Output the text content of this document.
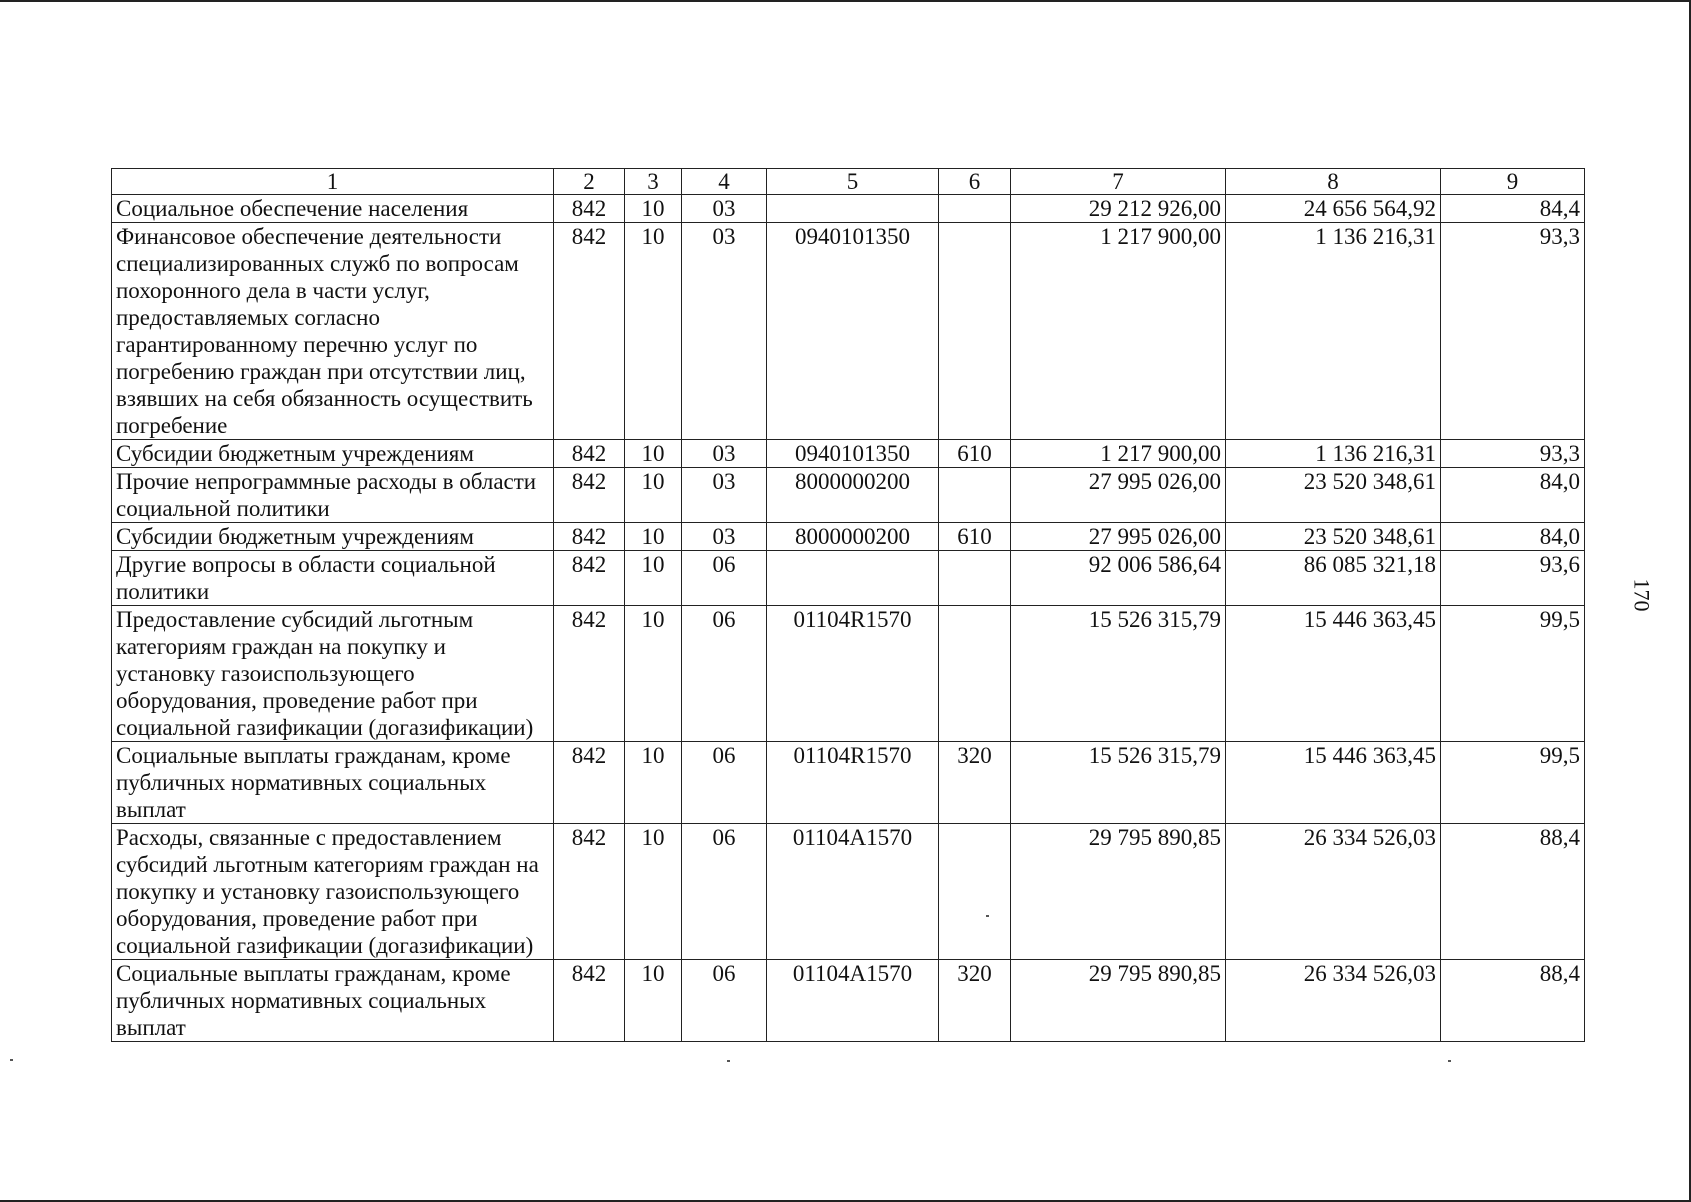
170
1	2	3	4	5	6	7	8	9
Социальное обеспечение населения	842	10	03			29 212 926,00	24 656 564,92	84,4
Финансовое обеспечение деятельности специализированных служб по вопросам похоронного дела в части услуг, предоставляемых согласно гарантированному перечню услуг по погребению граждан при отсутствии лиц, взявших на себя обязанность осуществить погребение	842	10	03	0940101350		1 217 900,00	1 136 216,31	93,3
Субсидии бюджетным учреждениям	842	10	03	0940101350	610	1 217 900,00	1 136 216,31	93,3
Прочие непрограммные расходы в области социальной политики	842	10	03	8000000200		27 995 026,00	23 520 348,61	84,0
Субсидии бюджетным учреждениям	842	10	03	8000000200	610	27 995 026,00	23 520 348,61	84,0
Другие вопросы в области социальной политики	842	10	06			92 006 586,64	86 085 321,18	93,6
Предоставление субсидий льготным категориям граждан на покупку и установку газоиспользующего оборудования, проведение работ при социальной газификации (догазификации)	842	10	06	01104R1570		15 526 315,79	15 446 363,45	99,5
Социальные выплаты гражданам, кроме публичных нормативных социальных выплат	842	10	06	01104R1570	320	15 526 315,79	15 446 363,45	99,5
Расходы, связанные с предоставлением субсидий льготным категориям граждан на покупку и установку газоиспользующего оборудования, проведение работ при социальной газификации (догазификации)	842	10	06	01104A1570		29 795 890,85	26 334 526,03	88,4
Социальные выплаты гражданам, кроме публичных нормативных социальных выплат	842	10	06	01104A1570	320	29 795 890,85	26 334 526,03	88,4
